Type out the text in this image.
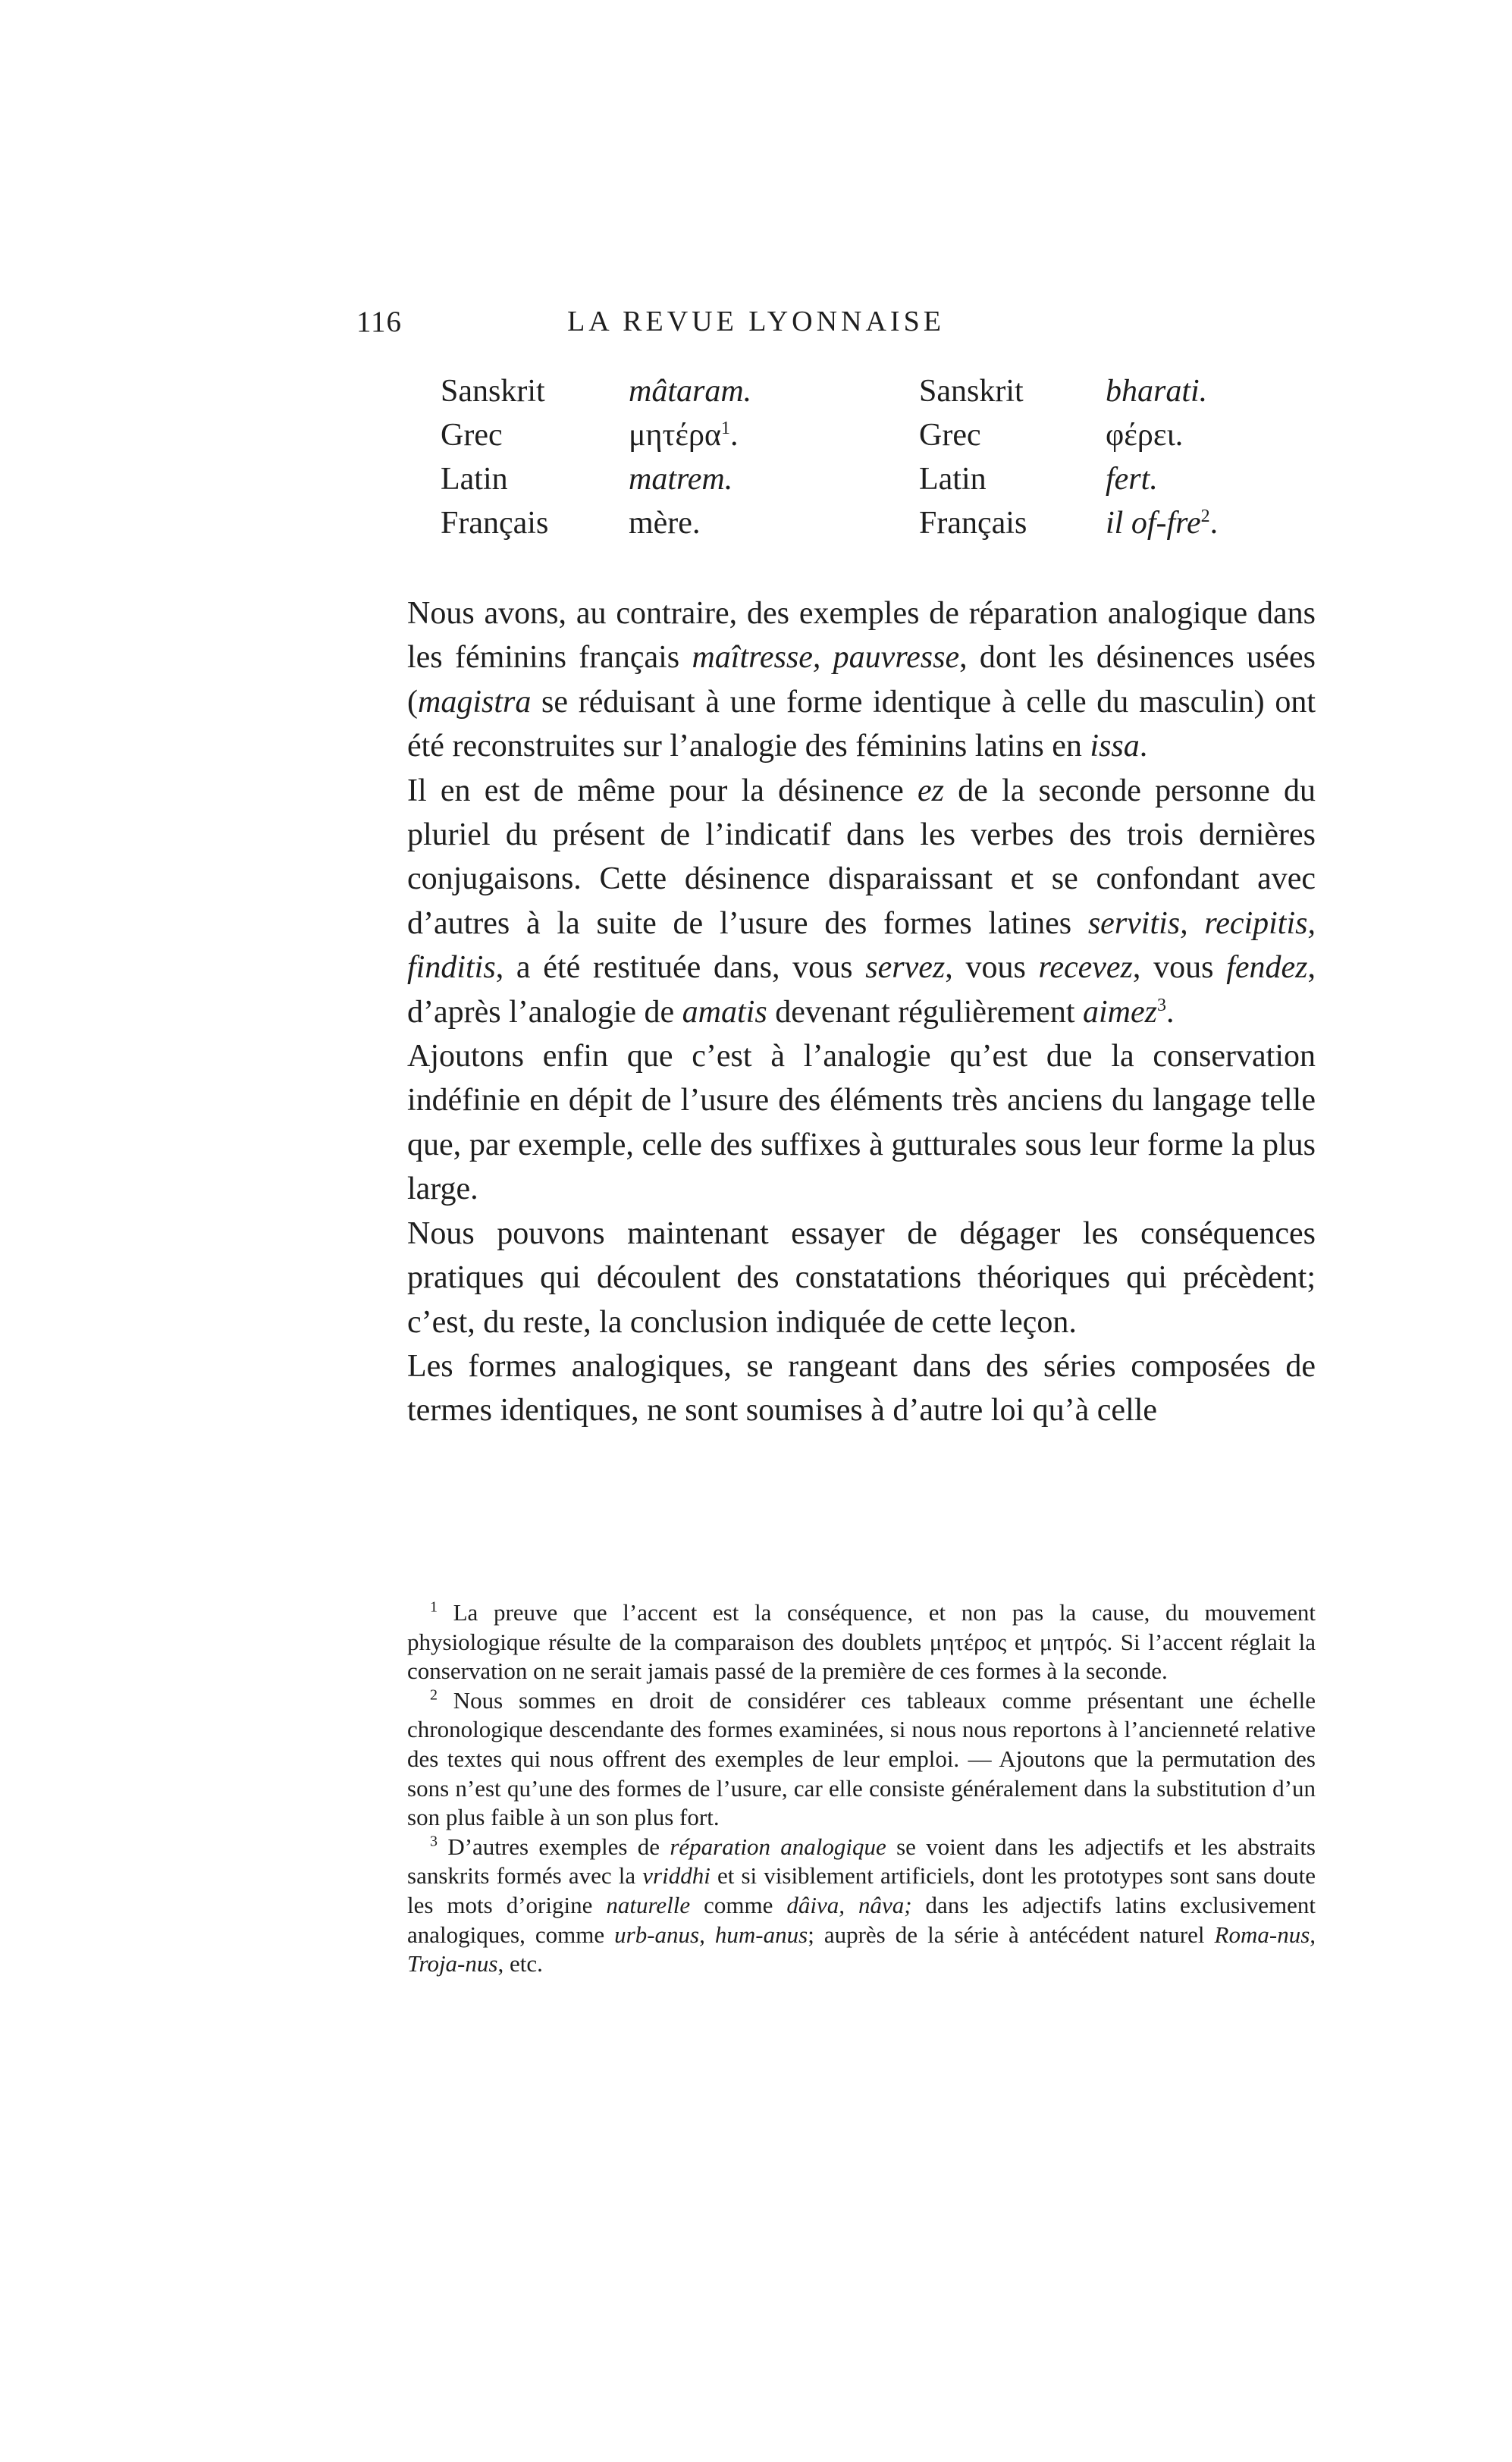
116	LA REVUE LYONNAISE
Sanskrit	mâtaram.	Sanskrit	bharati.
Grec	μητέρα$^1$.	Grec	φέρει.
Latin	matrem.	Latin	fert.
Français	mère.	Français il of-fre$^2$.

Nous avons, au contraire, des exemples de réparation analogique dans les féminins français maîtresse, pauvresse, dont les désinences usées (magistra se réduisant à une forme identique à celle du masculin) ont été reconstruites sur l’analogie des féminins latins en issa.

Il en est de même pour la désinence ez de la seconde personne du pluriel du présent de l’indicatif dans les verbes des trois dernières conjugaisons. Cette désinence disparaissant et se confondant avec d’autres à la suite de l’usure des formes latines servitis, recipitis, finditis, a été restituée dans, vous servez, vous recevez, vous fendez, d’après l’analogie de amatis devenant régulièrement aimez$^3$.

Ajoutons enfin que c’est à l’analogie qu’est due la conservation indéfinie en dépit de l’usure des éléments très anciens du langage telle que, par exemple, celle des suffixes à gutturales sous leur forme la plus large.

Nous pouvons maintenant essayer de dégager les conséquences pratiques qui découlent des constatations théoriques qui précèdent; c’est, du reste, la conclusion indiquée de cette leçon.

Les formes analogiques, se rangeant dans des séries composées de termes identiques, ne sont soumises à d’autre loi qu’à celle

$^1$ La preuve que l’accent est la conséquence, et non pas la cause, du mouvement physiologique résulte de la comparaison des doublets μητέρος et μητρός. Si l’accent réglait la conservation on ne serait jamais passé de la première de ces formes à la seconde.

$^2$ Nous sommes en droit de considérer ces tableaux comme présentant une échelle chronologique descendante des formes examinées, si nous nous reportons à l’ancienneté relative des textes qui nous offrent des exemples de leur emploi. — Ajoutons que la permutation des sons n’est qu’une des formes de l’usure, car elle consiste généralement dans la substitution d’un son plus faible à un son plus fort.

$^3$ D’autres exemples de réparation analogique se voient dans les adjectifs et les abstraits sanskrits formés avec la vriddhi et si visiblement artificiels, dont les prototypes sont sans doute les mots d’origine naturelle comme dâiva, nâva; dans les adjectifs latins exclusivement analogiques, comme urb-anus, hum-anus; auprès de la série à antécédent naturel Roma-nus, Troja-nus, etc.
